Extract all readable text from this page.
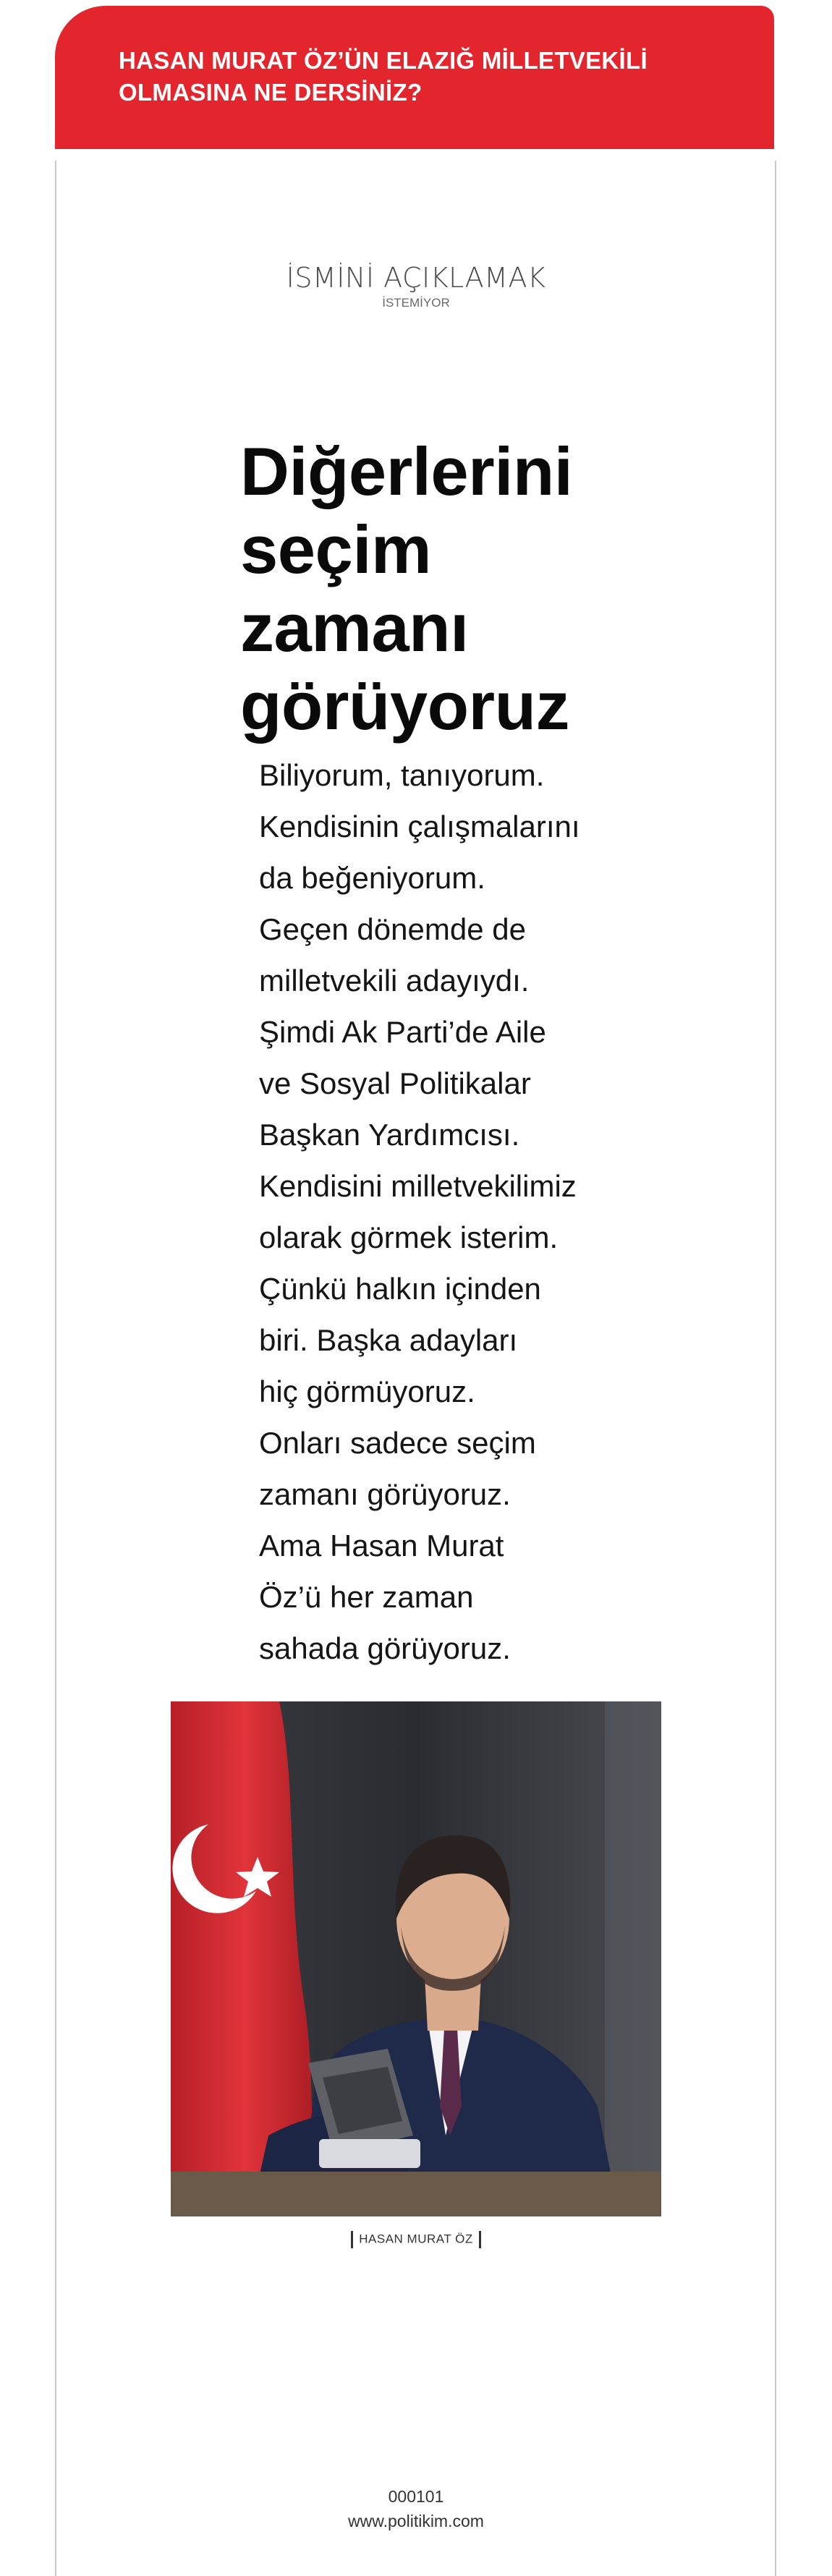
HASAN MURAT ÖZ’ÜN ELAZIĞ MİLLETVEKİLİ
OLMASINA NE DERSİNİZ?
İSMİNİ AÇIKLAMAK
İSTEMİYOR
Diğerlerini
seçim
zamanı
görüyoruz
Biliyorum, tanıyorum.
Kendisinin çalışmalarını
da beğeniyorum.
Geçen dönemde de
milletvekili adayıydı.
Şimdi Ak Parti’de Aile
ve Sosyal Politikalar
Başkan Yardımcısı.
Kendisini milletvekilimiz
olarak görmek isterim.
Çünkü halkın içinden
biri. Başka adayları
hiç görmüyoruz.
Onları sadece seçim
zamanı görüyoruz.
Ama Hasan Murat
Öz’ü her zaman
sahada görüyoruz.
HASAN MURAT ÖZ
000101
www.politikim.com
